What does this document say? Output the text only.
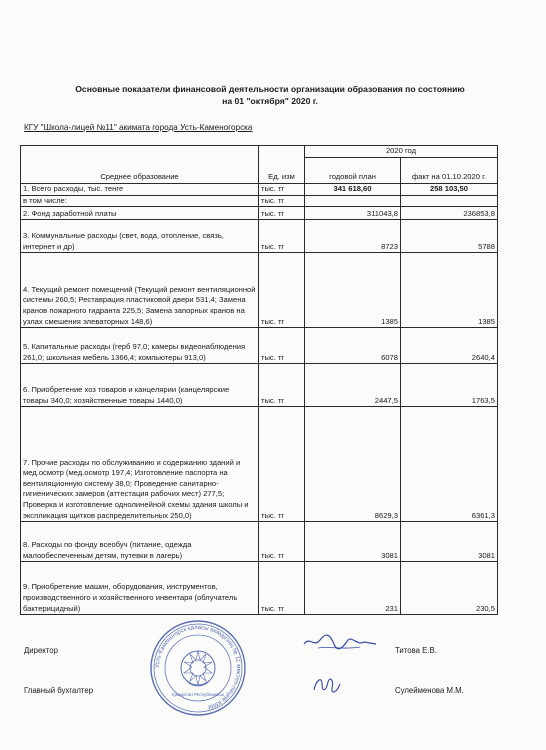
Основные показатели финансовой деятельности организации образования по состоянию
на 01 "октября" 2020 г.
КГУ "Школа-лицей №11" акимата города Усть-Каменогорска
Среднее образование	Ед. изм	2020 год	
		годовой план	факт на 01.10.2020 г.
1. Всего расходы, тыс. тенге	тыс. тг	341 618,60	258 103,50
в том числе:	тыс. тг		
2. Фонд заработной платы	тыс. тг	311043,8	236853,8
3. Коммунальные расходы (свет, вода, отопление, связь, интернет и др)	тыс. тг	8723	5788
4. Текущий ремонт помещений (Текущий ремонт вентиляционной системы 260,5; Реставрация пластиковой двери 531,4; Замена кранов пожарного гидранта 225,5; Замена запорных кранов на узлах смешения элеваторных 148,6)	тыс. тг	1385	1385
5. Капитальные расходы (герб 97,0; камеры видеонаблюдения 261,0; школьная мебель 1366,4; компьютеры 913,0)	тыс. тг	6078	2640,4
6. Приобретение хоз товаров и канцелярии (канцелярские товары 340,0; хозяйственные товары 1440,0)	тыс. тг	2447,5	1763,5
7. Прочие расходы по обслуживанию и содержанию зданий и мед.осмотр (мед.осмотр 197,4; Изготовление паспорта на вентиляционную систему 38,0; Проведение санитарно-гигиенических замеров (аттестация рабочих мест) 277,5; Проверка и изготовление однолинейной схемы здания школы и экспликация щитков распределительных 250,0)	тыс. тг	8629,3	6361,3
8. Расходы по фонду всеобуч (питание, одежда малообеспеченным детям, путевки в лагерь)	тыс. тг	3081	3081
9. Приобретение машин, оборудования, инструментов, производственного и хозяйственного инвентаря (облучатель бактерицидный)	тыс. тг	231	230,5
Директор	Титова Е.В.
Главный бухгалтер	Сулейменова М.М.
Усть-Каменогорск қаласы әкімдігінің № 11 мектеп-лицейі КММ
Қазақстан Республикасы
